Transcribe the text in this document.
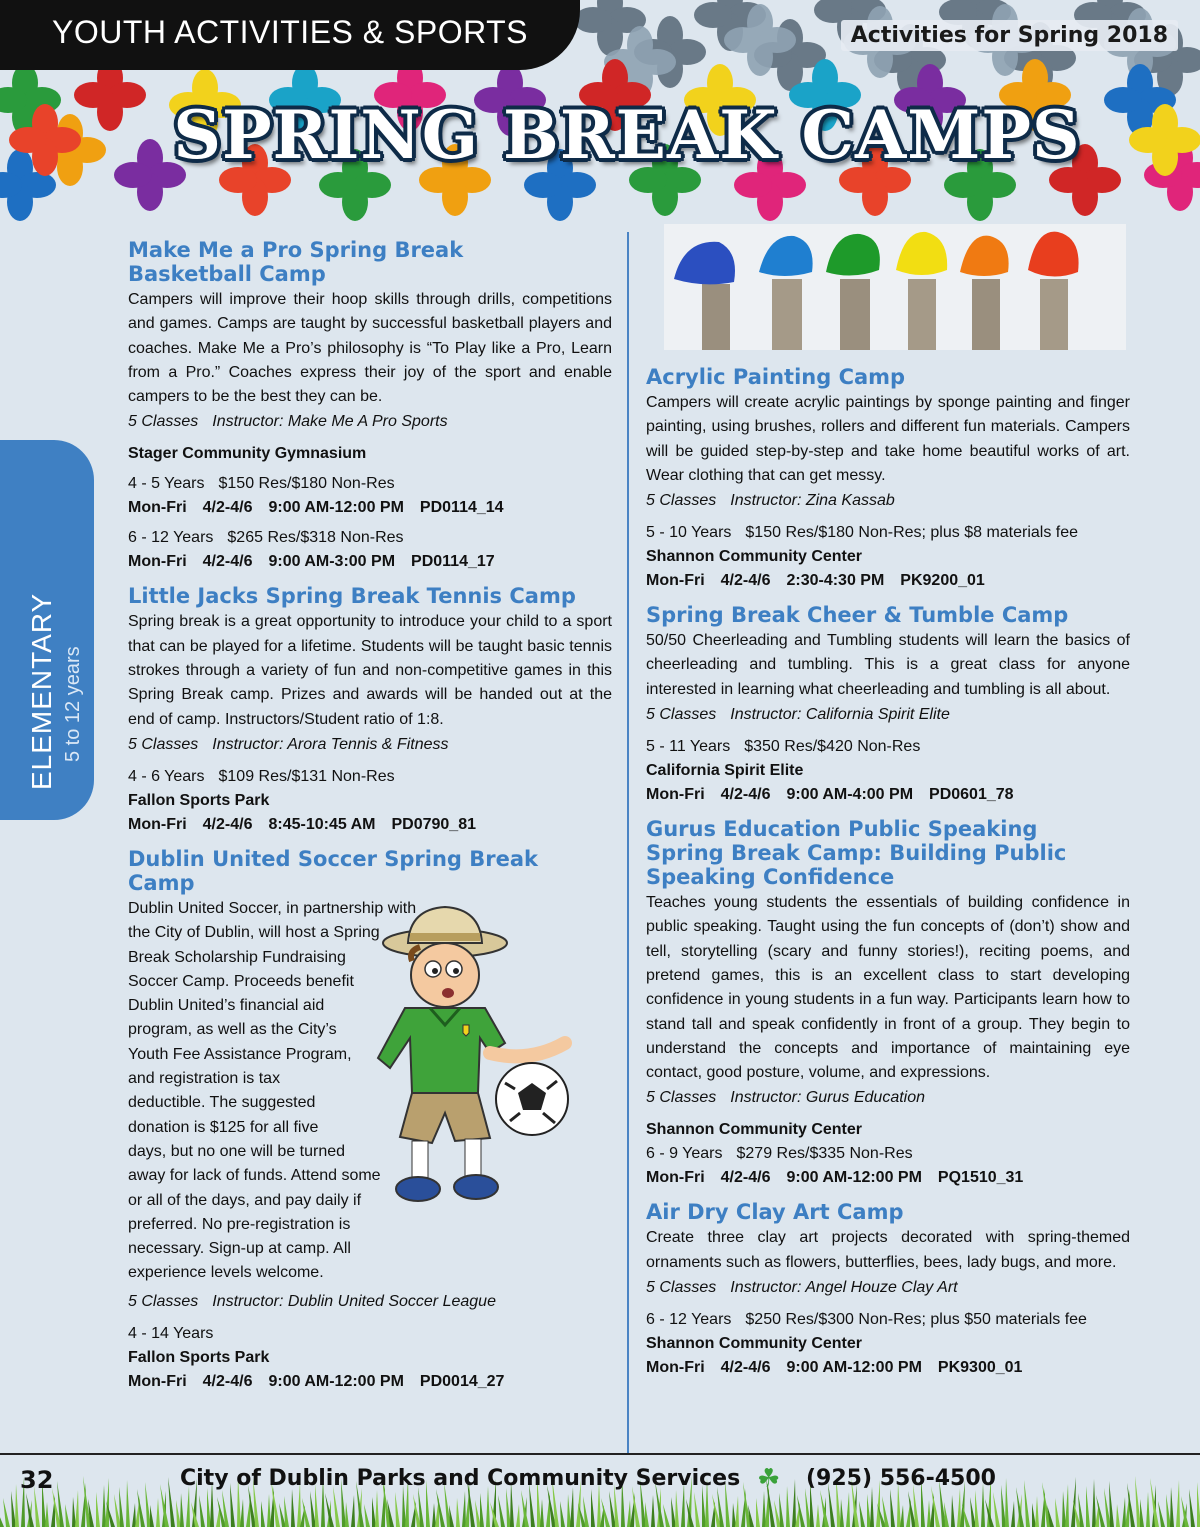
YOUTH ACTIVITIES & SPORTS	Activities for Spring 2018
SPRING BREAK CAMPS
ELEMENTARY 5 to 12 years
Make Me a Pro Spring Break
Basketball Camp

Campers will improve their hoop skills through drills, competitions and games. Camps are taught by successful basketball players and coaches. Make Me a Pro’s philosophy is “To Play like a Pro, Learn from a Pro.” Coaches express their joy of the sport and enable campers to be the best they can be.

5 Classes Instructor: Make Me A Pro Sports
Stager Community Gymnasium
4 - 5 Years $150 Res/$180 Non-Res
Mon-Fri 4/2-4/6 9:00 AM-12:00 PM PD0114_14
6 - 12 Years $265 Res/$318 Non-Res
Mon-Fri 4/2-4/6 9:00 AM-3:00 PM PD0114_17
Little Jacks Spring Break Tennis Camp

Spring break is a great opportunity to introduce your child to a sport that can be played for a lifetime. Students will be taught basic tennis strokes through a variety of fun and non-competitive games in this Spring Break camp. Prizes and awards will be handed out at the end of camp. Instructors/Student ratio of 1:8.

5 Classes Instructor: Arora Tennis & Fitness
4 - 6 Years $109 Res/$131 Non-Res
Fallon Sports Park
Mon-Fri 4/2-4/6 8:45-10:45 AM PD0790_81
Dublin United Soccer Spring Break
Camp
Dublin United Soccer, in partnership with
the City of Dublin, will host a Spring
Break Scholarship Fundraising
Soccer Camp. Proceeds benefit
Dublin United’s financial aid
program, as well as the City’s
Youth Fee Assistance Program,
and registration is tax
deductible. The suggested
donation is $125 for all five
days, but no one will be turned
away for lack of funds. Attend some
or all of the days, and pay daily if
preferred. No pre-registration is
necessary. Sign-up at camp. All
experience levels welcome.
5 Classes Instructor: Dublin United Soccer League
4 - 14 Years
Fallon Sports Park
Mon-Fri 4/2-4/6 9:00 AM-12:00 PM PD0014_27
Acrylic Painting Camp

Campers will create acrylic paintings by sponge painting and finger painting, using brushes, rollers and different fun materials. Campers will be guided step-by-step and take home beautiful works of art. Wear clothing that can get messy.

5 Classes Instructor: Zina Kassab
5 - 10 Years $150 Res/$180 Non-Res; plus $8 materials fee
Shannon Community Center
Mon-Fri 4/2-4/6 2:30-4:30 PM PK9200_01
Spring Break Cheer & Tumble Camp

50/50 Cheerleading and Tumbling students will learn the basics of cheerleading and tumbling. This is a great class for anyone interested in learning what cheerleading and tumbling is all about.

5 Classes Instructor: California Spirit Elite
5 - 11 Years $350 Res/$420 Non-Res
California Spirit Elite
Mon-Fri 4/2-4/6 9:00 AM-4:00 PM PD0601_78
Gurus Education Public Speaking
Spring Break Camp: Building Public
Speaking Confidence

Teaches young students the essentials of building confidence in public speaking. Taught using the fun concepts of (don’t) show and tell, storytelling (scary and funny stories!), reciting poems, and pretend games, this is an excellent class to start developing confidence in young students in a fun way. Participants learn how to stand tall and speak confidently in front of a group. They begin to understand the concepts and importance of maintaining eye contact, good posture, volume, and expressions.

5 Classes Instructor: Gurus Education
Shannon Community Center
6 - 9 Years $279 Res/$335 Non-Res
Mon-Fri 4/2-4/6 9:00 AM-12:00 PM PQ1510_31
Air Dry Clay Art Camp

Create three clay art projects decorated with spring-themed ornaments such as flowers, butterflies, bees, lady bugs, and more.

5 Classes Instructor: Angel Houze Clay Art
6 - 12 Years $250 Res/$300 Non-Res; plus $50 materials fee
Shannon Community Center
Mon-Fri 4/2-4/6 9:00 AM-12:00 PM PK9300_01
32	City of Dublin Parks and Community Services ☘ (925) 556-4500
